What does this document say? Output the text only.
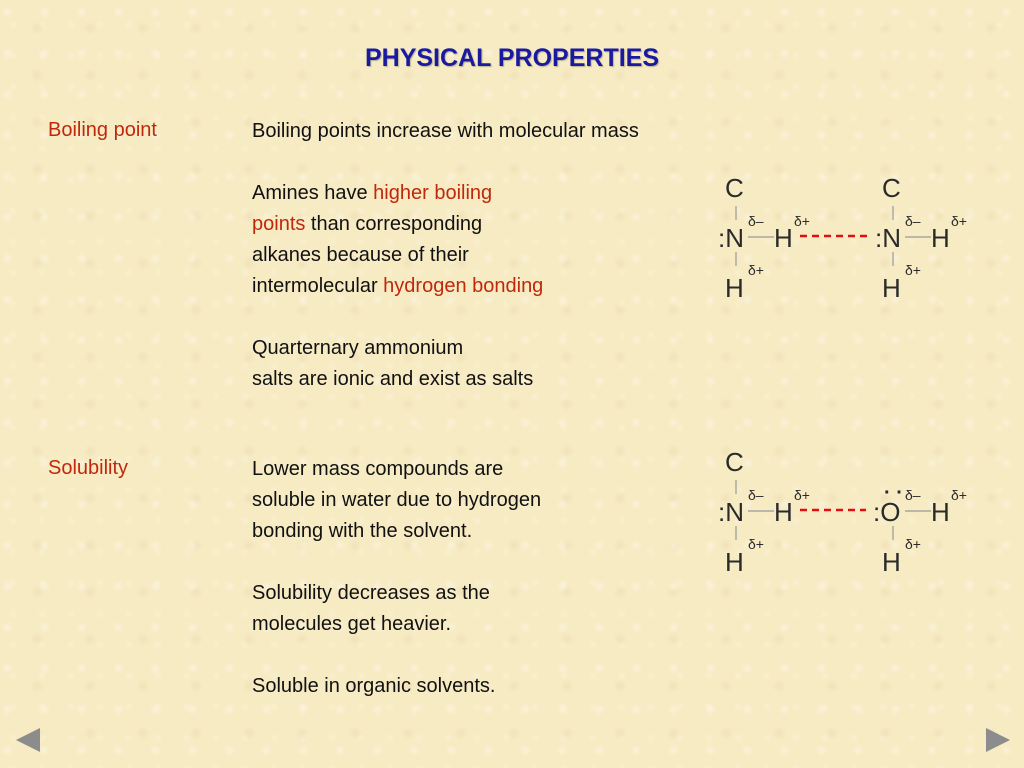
PHYSICAL PROPERTIES
Boiling point	Boiling points increase with molecular mass

Amines have higher boiling

points than corresponding

alkanes because of their

intermolecular hydrogen bonding

Quarternary ammonium

salts are ionic and exist as salts

Solubility	Lower mass compounds are

soluble in water due to hydrogen

bonding with the solvent.

Solubility decreases as the

molecules get heavier.

Soluble in organic solvents.

C
:N H
H
C
:N H
H
δ– δ+
δ+
δ– δ+
δ+
C
:N H
H
:O H
H
· ·
δ– δ+
δ+
δ– δ+
δ+
